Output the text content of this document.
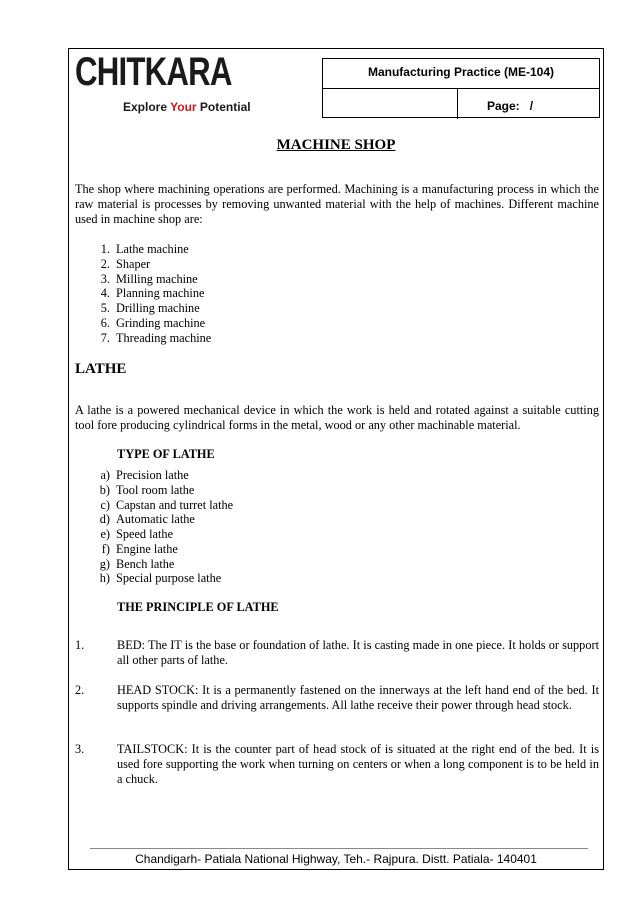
CHITKARA
Explore Your Potential
Manufacturing Practice (ME-104)
Page: /
MACHINE SHOP

The shop where machining operations are performed. Machining is a manufacturing process in which the raw material is processes by removing unwanted material with the help of machines. Different machine used in machine shop are:

1. Lathe machine
2. Shaper
3. Milling machine
4. Planning machine
5. Drilling machine
6. Grinding machine
7. Threading machine
LATHE

A lathe is a powered mechanical device in which the work is held and rotated against a suitable cutting tool fore producing cylindrical forms in the metal, wood or any other machinable material.

TYPE OF LATHE
a) Precision lathe
b) Tool room lathe
c) Capstan and turret lathe
d) Automatic lathe
e) Speed lathe
f) Engine lathe
g) Bench lathe
h) Special purpose lathe
THE PRINCIPLE OF LATHE
1.	BED: The IT is the base or foundation of lathe. It is casting made in one piece. It holds or support all other parts of lathe.
2.	HEAD STOCK: It is a permanently fastened on the innerways at the left hand end of the bed. It supports spindle and driving arrangements. All lathe receive their power through head stock.
3.	TAILSTOCK: It is the counter part of head stock of is situated at the right end of the bed. It is used fore supporting the work when turning on centers or when a long component is to be held in a chuck.
Chandigarh- Patiala National Highway, Teh.- Rajpura. Distt. Patiala- 140401
